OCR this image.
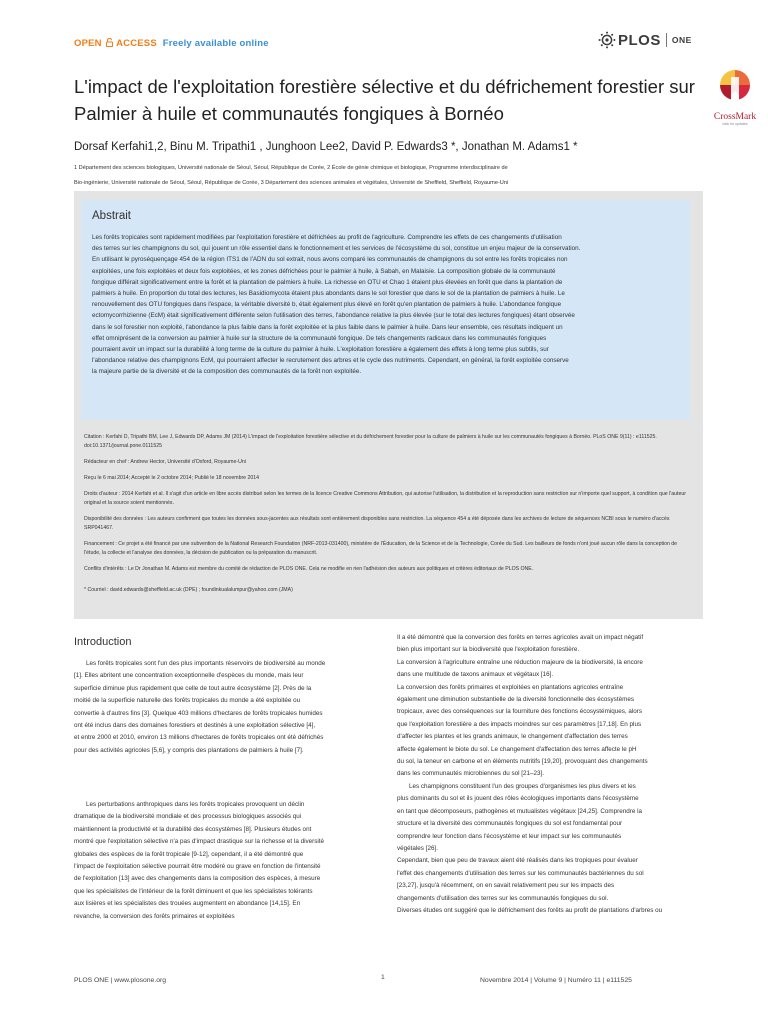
OPEN ACCESS Freely available online	PLOS ONE
L'impact de l'exploitation forestière sélective et du défrichement forestier sur
Palmier à huile et communautés fongiques à Bornéo	CrossMark
click for updates
Dorsaf Kerfahi1,2, Binu M. Tripathi1 , Junghoon Lee2, David P. Edwards3 *, Jonathan M. Adams1 *
1 Département des sciences biologiques, Université nationale de Séoul, Séoul, République de Corée, 2 École de génie chimique et biologique, Programme interdisciplinaire de
Bio-ingénierie, Université nationale de Séoul, Séoul, République de Corée, 3 Département des sciences animales et végétales, Université de Sheffield, Sheffield, Royaume-Uni
Abstrait
Les forêts tropicales sont rapidement modifiées par l'exploitation forestière et défrichées au profit de l'agriculture. Comprendre les effets de ces changements d'utilisation
des terres sur les champignons du sol, qui jouent un rôle essentiel dans le fonctionnement et les services de l'écosystème du sol, constitue un enjeu majeur de la conservation.
En utilisant le pyroséquençage 454 de la région ITS1 de l'ADN du sol extrait, nous avons comparé les communautés de champignons du sol entre les forêts tropicales non
exploitées, une fois exploitées et deux fois exploitées, et les zones défrichées pour le palmier à huile, à Sabah, en Malaisie. La composition globale de la communauté
fongique différait significativement entre la forêt et la plantation de palmiers à huile. La richesse en OTU et Chao 1 étaient plus élevées en forêt que dans la plantation de
palmiers à huile. En proportion du total des lectures, les Basidiomycota étaient plus abondants dans le sol forestier que dans le sol de la plantation de palmiers à huile. Le
renouvellement des OTU fongiques dans l'espace, la véritable diversité b, était également plus élevé en forêt qu'en plantation de palmiers à huile. L'abondance fongique
ectomycorrhizienne (EcM) était significativement différente selon l'utilisation des terres, l'abondance relative la plus élevée (sur le total des lectures fongiques) étant observée
dans le sol forestier non exploité, l'abondance la plus faible dans la forêt exploitée et la plus faible dans le palmier à huile. Dans leur ensemble, ces résultats indiquent un
effet omniprésent de la conversion au palmier à huile sur la structure de la communauté fongique. De tels changements radicaux dans les communautés fongiques
pourraient avoir un impact sur la durabilité à long terme de la culture du palmier à huile. L'exploitation forestière a également des effets à long terme plus subtils, sur
l'abondance relative des champignons EcM, qui pourraient affecter le recrutement des arbres et le cycle des nutriments. Cependant, en général, la forêt exploitée conserve
la majeure partie de la diversité et de la composition des communautés de la forêt non exploitée.

Citation : Kerfahi D, Tripathi BM, Lee J, Edwards DP, Adams JM (2014) L'impact de l'exploitation forestière sélective et du défrichement forestier pour la culture de palmiers à huile sur les communautés fongiques à Bornéo. PLoS ONE 9(11) : e111525. doi:10.1371/journal.pone.0111525

Rédacteur en chef : Andrew Hector, Université d'Oxford, Royaume-Uni

Reçu le 6 mai 2014; Accepté le 2 octobre 2014; Publié le 18 novembre 2014

Droits d'auteur : 2014 Kerfahi et al. Il s'agit d'un article en libre accès distribué selon les termes de la licence Creative Commons Attribution, qui autorise l'utilisation, la distribution et la reproduction sans restriction sur n'importe quel support, à condition que l'auteur original et la source soient mentionnés.

Disponibilité des données : Les auteurs confirment que toutes les données sous-jacentes aux résultats sont entièrement disponibles sans restriction. La séquence 454 a été déposée dans les archives de lecture de séquences NCBI sous le numéro d'accès SRP041467.

Financement : Ce projet a été financé par une subvention de la National Research Foundation (NRF-2013-031400), ministère de l'Éducation, de la Science et de la Technologie, Corée du Sud. Les bailleurs de fonds n'ont joué aucun rôle dans la conception de l'étude, la collecte et l'analyse des données, la décision de publication ou la préparation du manuscrit.

Conflits d'intérêts : Le Dr Jonathan M. Adams est membre du comité de rédaction de PLOS ONE. Cela ne modifie en rien l'adhésion des auteurs aux politiques et critères éditoriaux de PLOS ONE.

* Courriel : david.edwards@sheffield.ac.uk (DPE) ; foundinkualalumpur@yahoo.com (JMA)

Introduction

Les forêts tropicales sont l'un des plus importants réservoirs de biodiversité au monde

[1]. Elles abritent une concentration exceptionnelle d'espèces du monde, mais leur

superficie diminue plus rapidement que celle de tout autre écosystème [2]. Près de la

moitié de la superficie naturelle des forêts tropicales du monde a été exploitée ou

convertie à d'autres fins [3]. Quelque 403 millions d'hectares de forêts tropicales humides

ont été inclus dans des domaines forestiers et destinés à une exploitation sélective [4],

et entre 2000 et 2010, environ 13 millions d'hectares de forêts tropicales ont été défrichés

pour des activités agricoles [5,6], y compris des plantations de palmiers à huile [7].

Les perturbations anthropiques dans les forêts tropicales provoquent un déclin

dramatique de la biodiversité mondiale et des processus biologiques associés qui

maintiennent la productivité et la durabilité des écosystèmes [8]. Plusieurs études ont

montré que l'exploitation sélective n'a pas d'impact drastique sur la richesse et la diversité

globales des espèces de la forêt tropicale [9-12], cependant, il a été démontré que

l'impact de l'exploitation sélective pourrait être modéré ou grave en fonction de l'intensité

de l'exploitation [13] avec des changements dans la composition des espèces, à mesure

que les spécialistes de l'intérieur de la forêt diminuent et que les spécialistes tolérants

aux lisières et les spécialistes des trouées augmentent en abondance [14,15]. En

revanche, la conversion des forêts primaires et exploitées

Il a été démontré que la conversion des forêts en terres agricoles avait un impact négatif

bien plus important sur la biodiversité que l'exploitation forestière.

La conversion à l'agriculture entraîne une réduction majeure de la biodiversité, là encore

dans une multitude de taxons animaux et végétaux [16].

La conversion des forêts primaires et exploitées en plantations agricoles entraîne

également une diminution substantielle de la diversité fonctionnelle des écosystèmes

tropicaux, avec des conséquences sur la fourniture des fonctions écosystémiques, alors

que l'exploitation forestière a des impacts moindres sur ces paramètres [17,18]. En plus

d'affecter les plantes et les grands animaux, le changement d'affectation des terres

affecte également le biote du sol. Le changement d'affectation des terres affecte le pH

du sol, la teneur en carbone et en éléments nutritifs [19,20], provoquant des changements

dans les communautés microbiennes du sol [21–23].

Les champignons constituent l'un des groupes d'organismes les plus divers et les

plus dominants du sol et ils jouent des rôles écologiques importants dans l'écosystème

en tant que décomposeurs, pathogènes et mutualistes végétaux [24,25]. Comprendre la

structure et la diversité des communautés fongiques du sol est fondamental pour

comprendre leur fonction dans l'écosystème et leur impact sur les communautés

végétales [26].

Cependant, bien que peu de travaux aient été réalisés dans les tropiques pour évaluer

l'effet des changements d'utilisation des terres sur les communautés bactériennes du sol

[23,27], jusqu'à récemment, on en savait relativement peu sur les impacts des

changements d'utilisation des terres sur les communautés fongiques du sol.

Diverses études ont suggéré que le défrichement des forêts au profit de plantations d'arbres ou

PLOS ONE | www.plosone.org	1	Novembre 2014 | Volume 9 | Numéro 11 | e111525
